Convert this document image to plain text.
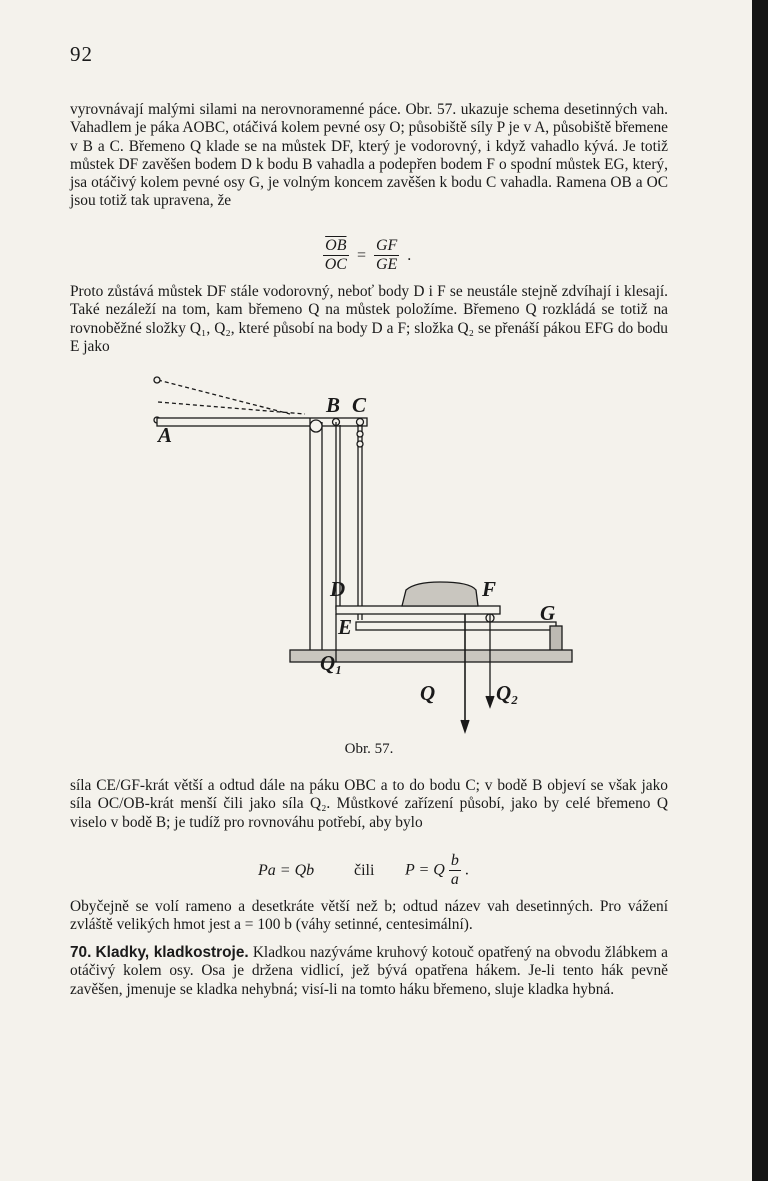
92
vyrovnávají malými silami na nerovnoramenné páce. Obr. 57. ukazuje schema desetinných vah. Vahadlem je páka AOBC, otáčivá kolem pevné osy O; působiště síly P je v A, působiště břemene v B a C. Břemeno Q klade se na můstek DF, který je vodorovný, i když vahadlo kývá. Je totiž můstek DF zavěšen bodem D k bodu B vahadla a podepřen bodem F o spodní můstek EG, který, jsa otáčivý kolem pevné osy G, je volným koncem zavěšen k bodu C vahadla. Ramena OB a OC jsou totiž tak upravena, že
$\frac{\overline{OB}}{OC} = \frac{GF}{GE}$ .
Proto zůstává můstek DF stále vodorovný, neboť body D i F se neustále stejně zdvíhají i klesají. Také nezáleží na tom, kam břemeno Q na můstek položíme. Břemeno Q rozkládá se totiž na rovnoběžné složky Q₁, Q₂, které působí na body D a F; složka Q₂ se přenáší pákou EFG do bodu E jako
A
B C
D
E
F
G
Q
Q₁
Q₂
Obr. 57.
síla CE/GF-krát větší a odtud dále na páku OBC a to do bodu C; v bodě B objeví se však jako síla OC/OB-krát menší čili jako síla Q₂. Můstkové zařízení působí, jako by celé břemeno Q viselo v bodě B; je tudíž pro rovnováhu potřebí, aby bylo
Pa = Qb čili P = Q $\frac{b}{a}$ .
Obyčejně se volí rameno a desetkráte větší než b; odtud název vah desetinných. Pro vážení zvláště velikých hmot jest a = 100 b (váhy setinné, centesimální).
70. Kladky, kladkostroje. Kladkou nazýváme kruhový kotouč opatřený na obvodu žlábkem a otáčivý kolem osy. Osa je držena vidlicí, jež bývá opatřena hákem. Je-li tento hák pevně zavěšen, jmenuje se kladka nehybná; visí-li na tomto háku břemeno, sluje kladka hybná.
